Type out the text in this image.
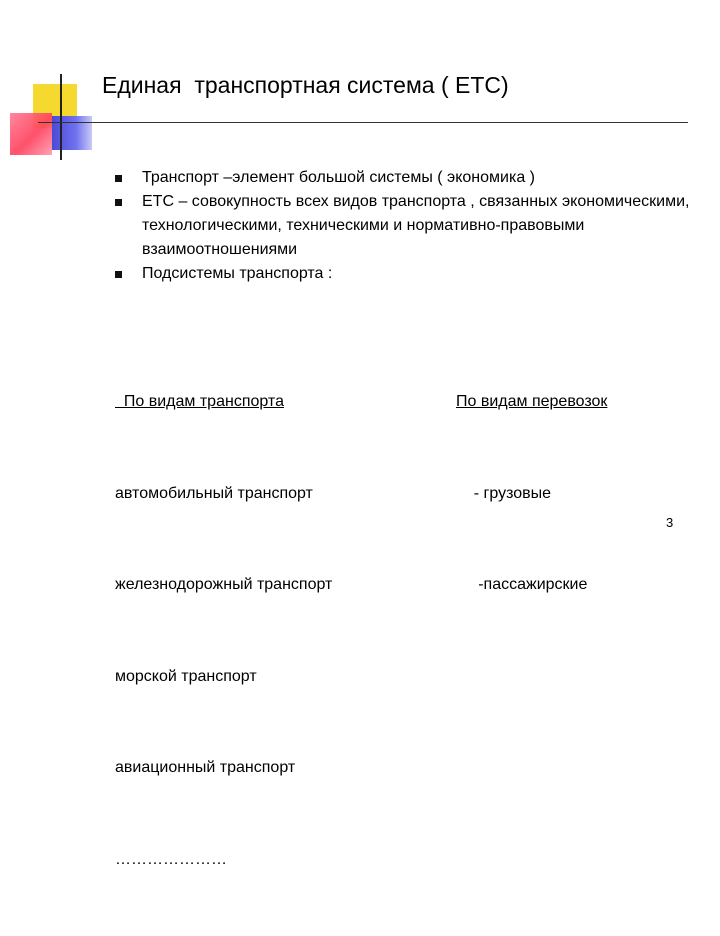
Единая  транспортная система ( ЕТС)

Транспорт –элемент большой системы ( экономика )

ЕТС – совокупность всех видов транспорта , связанных экономическими, технологическими, техническими и нормативно-правовыми взаимоотношениями

Подсистемы транспорта :

По видам транспорта

автомобильный транспорт

железнодорожный транспорт

морской транспорт

авиационный транспорт

…………………

По видам перевозок

- грузовые

-пассажирские

3
